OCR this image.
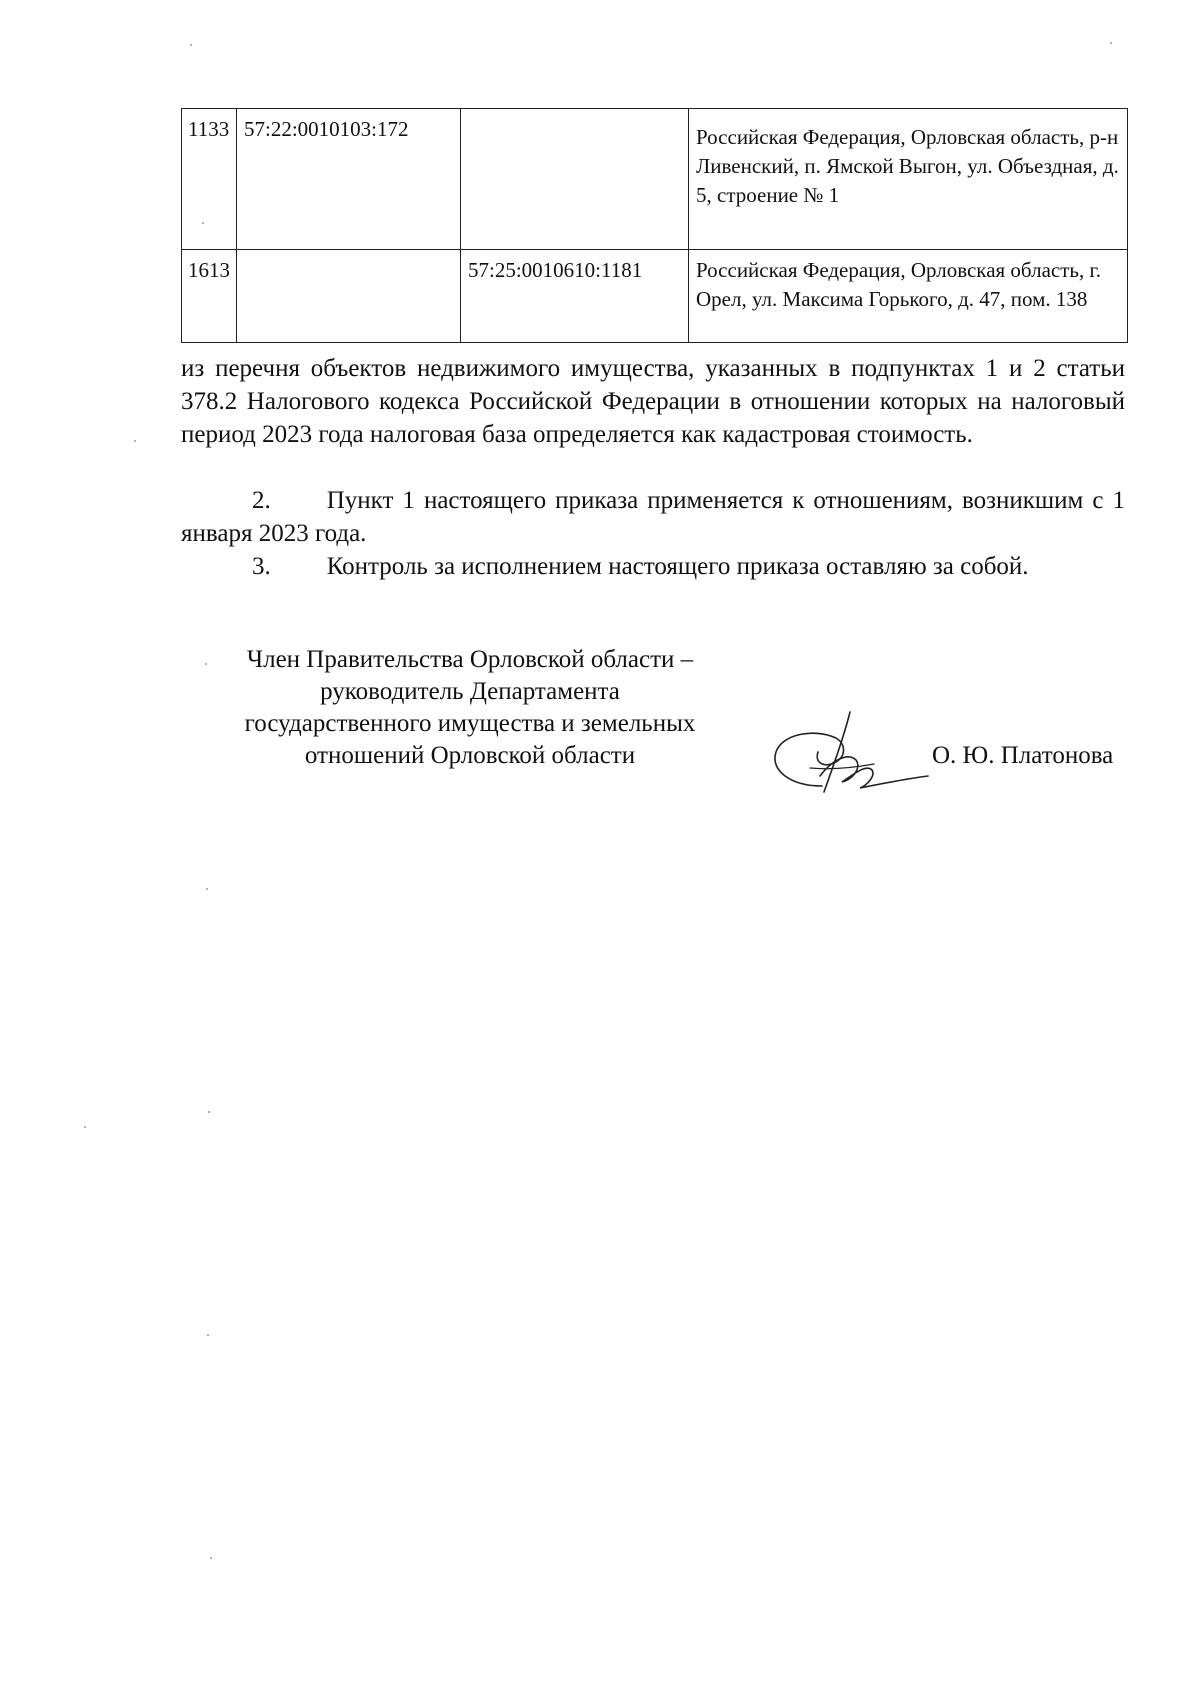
1133	57:22:0010103:172		Российская Федерация, Орловская область, р-н Ливенский, п. Ямской Выгон, ул. Объездная, д. 5, строение № 1
1613		57:25:0010610:1181	Российская Федерация, Орловская область, г. Орел, ул. Максима Горького, д. 47, пом. 138
из перечня объектов недвижимого имущества, указанных в подпунктах 1 и 2 статьи 378.2 Налогового кодекса Российской Федерации в отношении которых на налоговый период 2023 года налоговая база определяется как кадастровая стоимость.
2. Пункт 1 настоящего приказа применяется к отношениям, возникшим с 1 января 2023 года.
3. Контроль за исполнением настоящего приказа оставляю за собой.
Член Правительства Орловской области –
руководитель Департамента
государственного имущества и земельных
отношений Орловской области	О. Ю. Платонова
